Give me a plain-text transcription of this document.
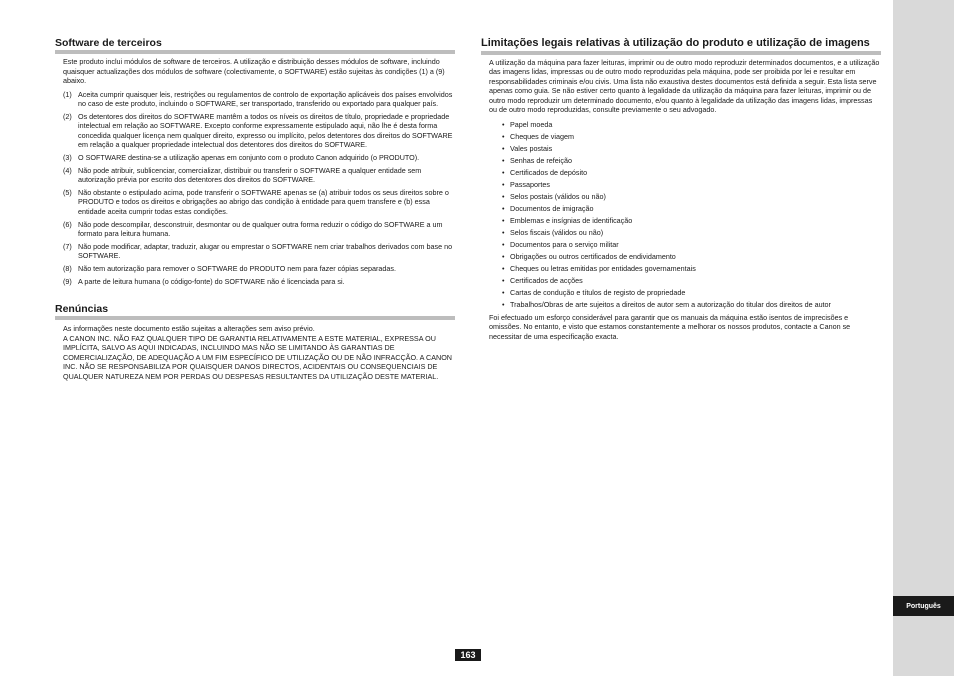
Português
Software de terceiros

Este produto inclui módulos de software de terceiros. A utilização e distribuição desses módulos de software, incluindo quaisquer actualizações dos módulos de software (colectivamente, o SOFTWARE) estão sujeitas às condições (1) a (9) abaixo.

(1) Aceita cumprir quaisquer leis, restrições ou regulamentos de controlo de exportação aplicáveis dos países envolvidos no caso de este produto, incluindo o SOFTWARE, ser transportado, transferido ou exportado para qualquer país.
(2) Os detentores dos direitos do SOFTWARE mantêm a todos os níveis os direitos de título, propriedade e propriedade intelectual em relação ao SOFTWARE. Excepto conforme expressamente estipulado aqui, não lhe é desta forma concedida qualquer licença nem qualquer direito, expresso ou implícito, pelos detentores dos direitos do SOFTWARE em relação a qualquer propriedade intelectual dos detentores dos direitos do SOFTWARE.
(3) O SOFTWARE destina-se a utilização apenas em conjunto com o produto Canon adquirido (o PRODUTO).
(4) Não pode atribuir, sublicenciar, comercializar, distribuir ou transferir o SOFTWARE a qualquer entidade sem autorização prévia por escrito dos detentores dos direitos do SOFTWARE.
(5) Não obstante o estipulado acima, pode transferir o SOFTWARE apenas se (a) atribuir todos os seus direitos sobre o PRODUTO e todos os direitos e obrigações ao abrigo das condição à entidade para quem transfere e (b) essa entidade aceita cumprir todas estas condições.
(6) Não pode descompilar, desconstruir, desmontar ou de qualquer outra forma reduzir o código do SOFTWARE a um formato para leitura humana.
(7) Não pode modificar, adaptar, traduzir, alugar ou emprestar o SOFTWARE nem criar trabalhos derivados com base no SOFTWARE.
(8) Não tem autorização para remover o SOFTWARE do PRODUTO nem para fazer cópias separadas.
(9) A parte de leitura humana (o código-fonte) do SOFTWARE não é licenciada para si.
Renúncias

As informações neste documento estão sujeitas a alterações sem aviso prévio.

A CANON INC. NÃO FAZ QUALQUER TIPO DE GARANTIA RELATIVAMENTE A ESTE MATERIAL, EXPRESSA OU IMPLÍCITA, SALVO AS AQUI INDICADAS, INCLUINDO MAS NÃO SE LIMITANDO ÀS GARANTIAS DE COMERCIALIZAÇÃO, DE ADEQUAÇÃO A UM FIM ESPECÍFICO DE UTILIZAÇÃO OU DE NÃO INFRACÇÃO. A CANON INC. NÃO SE RESPONSABILIZA POR QUAISQUER DANOS DIRECTOS, ACIDENTAIS OU CONSEQUENCIAIS DE QUALQUER NATUREZA NEM POR PERDAS OU DESPESAS RESULTANTES DA UTILIZAÇÃO DESTE MATERIAL.

Limitações legais relativas à utilização do produto e utilização de imagens

A utilização da máquina para fazer leituras, imprimir ou de outro modo reproduzir determinados documentos, e a utilização das imagens lidas, impressas ou de outro modo reproduzidas pela máquina, pode ser proibida por lei e resultar em responsabilidades criminais e/ou civis. Uma lista não exaustiva destes documentos está definida a seguir. Esta lista serve apenas como guia. Se não estiver certo quanto à legalidade da utilização da máquina para fazer leituras, imprimir ou de outro modo reproduzir um determinado documento, e/ou quanto à legalidade da utilização das imagens lidas, impressas ou de outro modo reproduzidas, consulte previamente o seu advogado.

• Papel moeda
• Cheques de viagem
• Vales postais
• Senhas de refeição
• Certificados de depósito
• Passaportes
• Selos postais (válidos ou não)
• Documentos de imigração
• Emblemas e insígnias de identificação
• Selos fiscais (válidos ou não)
• Documentos para o serviço militar
• Obrigações ou outros certificados de endividamento
• Cheques ou letras emitidas por entidades governamentais
• Certificados de acções
• Cartas de condução e títulos de registo de propriedade
• Trabalhos/Obras de arte sujeitos a direitos de autor sem a autorização do titular dos direitos de autor

Foi efectuado um esforço considerável para garantir que os manuais da máquina estão isentos de imprecisões e omissões. No entanto, e visto que estamos constantemente a melhorar os nossos produtos, contacte a Canon se necessitar de uma especificação exacta.

163
